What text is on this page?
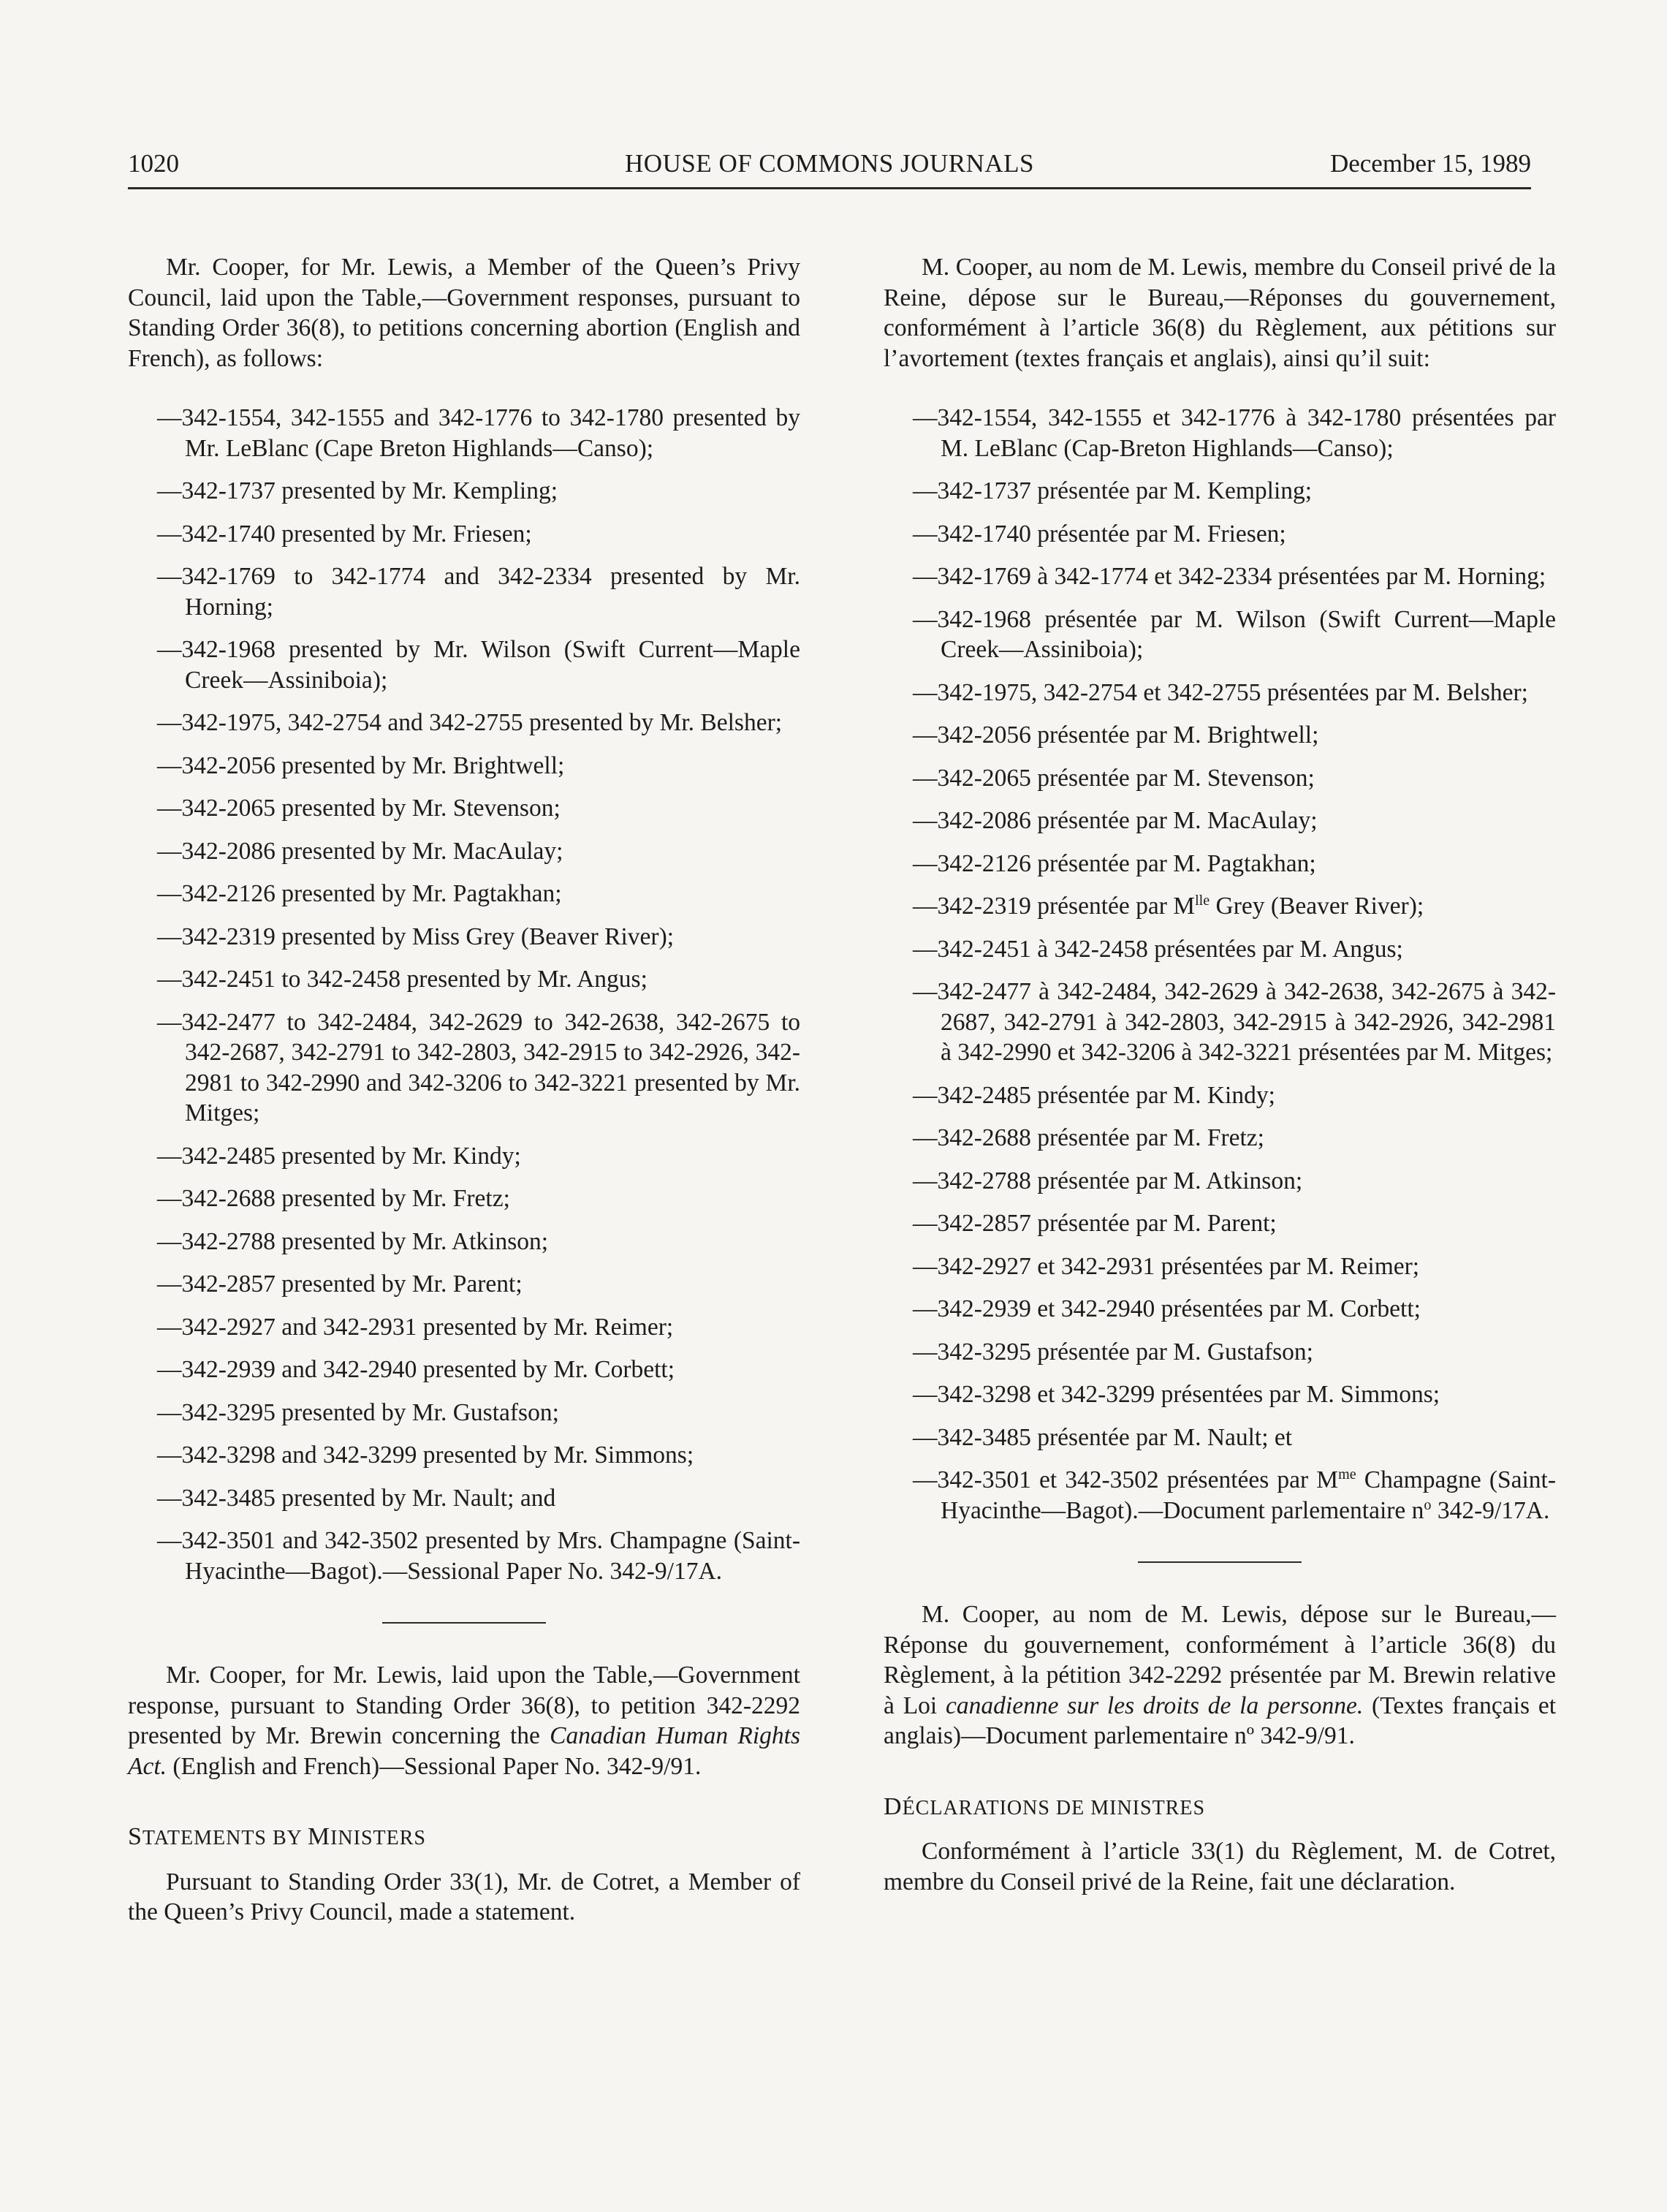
1020	HOUSE OF COMMONS JOURNALS	December 15, 1989

Mr. Cooper, for Mr. Lewis, a Member of the Queen’s Privy Council, laid upon the Table,—Government responses, pursuant to Standing Order 36(8), to petitions concerning abortion (English and French), as follows:

—342-1554, 342-1555 and 342-1776 to 342-1780 presented by Mr. LeBlanc (Cape Breton Highlands—Canso);

—342-1737 presented by Mr. Kempling;

—342-1740 presented by Mr. Friesen;

—342-1769 to 342-1774 and 342-2334 presented by Mr. Horning;

—342-1968 presented by Mr. Wilson (Swift Current—Maple Creek—Assiniboia);

—342-1975, 342-2754 and 342-2755 presented by Mr. Belsher;

—342-2056 presented by Mr. Brightwell;

—342-2065 presented by Mr. Stevenson;

—342-2086 presented by Mr. MacAulay;

—342-2126 presented by Mr. Pagtakhan;

—342-2319 presented by Miss Grey (Beaver River);

—342-2451 to 342-2458 presented by Mr. Angus;

—342-2477 to 342-2484, 342-2629 to 342-2638, 342-2675 to 342-2687, 342-2791 to 342-2803, 342-2915 to 342-2926, 342-2981 to 342-2990 and 342-3206 to 342-3221 presented by Mr. Mitges;

—342-2485 presented by Mr. Kindy;

—342-2688 presented by Mr. Fretz;

—342-2788 presented by Mr. Atkinson;

—342-2857 presented by Mr. Parent;

—342-2927 and 342-2931 presented by Mr. Reimer;

—342-2939 and 342-2940 presented by Mr. Corbett;

—342-3295 presented by Mr. Gustafson;

—342-3298 and 342-3299 presented by Mr. Simmons;

—342-3485 presented by Mr. Nault; and

—342-3501 and 342-3502 presented by Mrs. Champagne (Saint-Hyacinthe—Bagot).—Sessional Paper No. 342-9/17A.

Mr. Cooper, for Mr. Lewis, laid upon the Table,—Government response, pursuant to Standing Order 36(8), to petition 342-2292 presented by Mr. Brewin concerning the Canadian Human Rights Act. (English and French)—Sessional Paper No. 342-9/91.

STATEMENTS BY MINISTERS

Pursuant to Standing Order 33(1), Mr. de Cotret, a Member of the Queen’s Privy Council, made a statement.

M. Cooper, au nom de M. Lewis, membre du Conseil privé de la Reine, dépose sur le Bureau,—Réponses du gouvernement, conformément à l’article 36(8) du Règlement, aux pétitions sur l’avortement (textes français et anglais), ainsi qu’il suit:

—342-1554, 342-1555 et 342-1776 à 342-1780 présentées par M. LeBlanc (Cap-Breton Highlands—Canso);

—342-1737 présentée par M. Kempling;

—342-1740 présentée par M. Friesen;

—342-1769 à 342-1774 et 342-2334 présentées par M. Horning;

—342-1968 présentée par M. Wilson (Swift Current—Maple Creek—Assiniboia);

—342-1975, 342-2754 et 342-2755 présentées par M. Belsher;

—342-2056 présentée par M. Brightwell;

—342-2065 présentée par M. Stevenson;

—342-2086 présentée par M. MacAulay;

—342-2126 présentée par M. Pagtakhan;

—342-2319 présentée par $M^{lle}$ Grey (Beaver River);

—342-2451 à 342-2458 présentées par M. Angus;

—342-2477 à 342-2484, 342-2629 à 342-2638, 342-2675 à 342-2687, 342-2791 à 342-2803, 342-2915 à 342-2926, 342-2981 à 342-2990 et 342-3206 à 342-3221 présentées par M. Mitges;

—342-2485 présentée par M. Kindy;

—342-2688 présentée par M. Fretz;

—342-2788 présentée par M. Atkinson;

—342-2857 présentée par M. Parent;

—342-2927 et 342-2931 présentées par M. Reimer;

—342-2939 et 342-2940 présentées par M. Corbett;

—342-3295 présentée par M. Gustafson;

—342-3298 et 342-3299 présentées par M. Simmons;

—342-3485 présentée par M. Nault; et

—342-3501 et 342-3502 présentées par $M^{me}$ Champagne (Saint-Hyacinthe—Bagot).—Document parlementaire $n^o$ 342-9/17A.

M. Cooper, au nom de M. Lewis, dépose sur le Bureau,—Réponse du gouvernement, conformément à l’article 36(8) du Règlement, à la pétition 342-2292 présentée par M. Brewin relative à Loi canadienne sur les droits de la personne. (Textes français et anglais)—Document parlementaire nº 342-9/91.

DÉCLARATIONS DE MINISTRES

Conformément à l’article 33(1) du Règlement, M. de Cotret, membre du Conseil privé de la Reine, fait une déclaration.
